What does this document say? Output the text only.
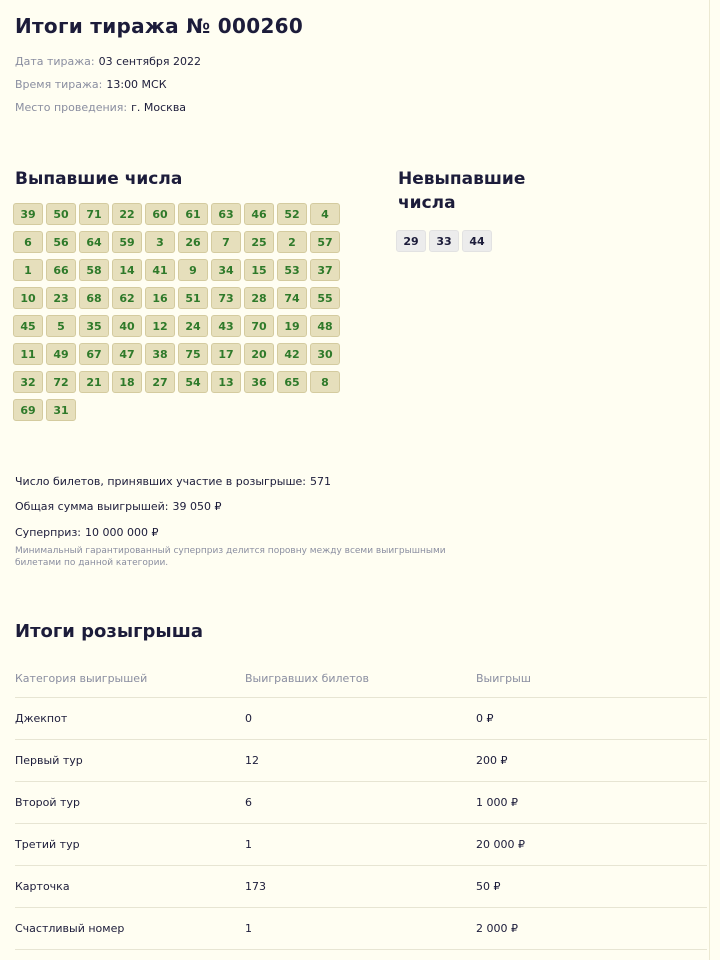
Итоги тиража № 000260
Дата тиража: 03 сентября 2022
Время тиража: 13:00 МСК
Место проведения: г. Москва
Выпавшие числа
39	50	71	22	60	61	63	46	52	4
6	56	64	59	3	26	7	25	2	57
1	66	58	14	41	9	34	15	53	37
10	23	68	62	16	51	73	28	74	55
45	5	35	40	12	24	43	70	19	48
11	49	67	47	38	75	17	20	42	30
32	72	21	18	27	54	13	36	65	8
69	31
Невыпавшие
числа
29	33	44
Число билетов, принявших участие в розыгрыше: 571
Общая сумма выигрышей: 39 050 ₽
Суперприз: 10 000 000 ₽
Минимальный гарантированный суперприз делится поровну между всеми выигрышными билетами по данной категории.
Итоги розыгрыша
Категория выигрышей	Выигравших билетов	Выигрыш
Джекпот	0	0 ₽
Первый тур	12	200 ₽
Второй тур	6	1 000 ₽
Третий тур	1	20 000 ₽
Карточка	173	50 ₽
Счастливый номер	1	2 000 ₽
